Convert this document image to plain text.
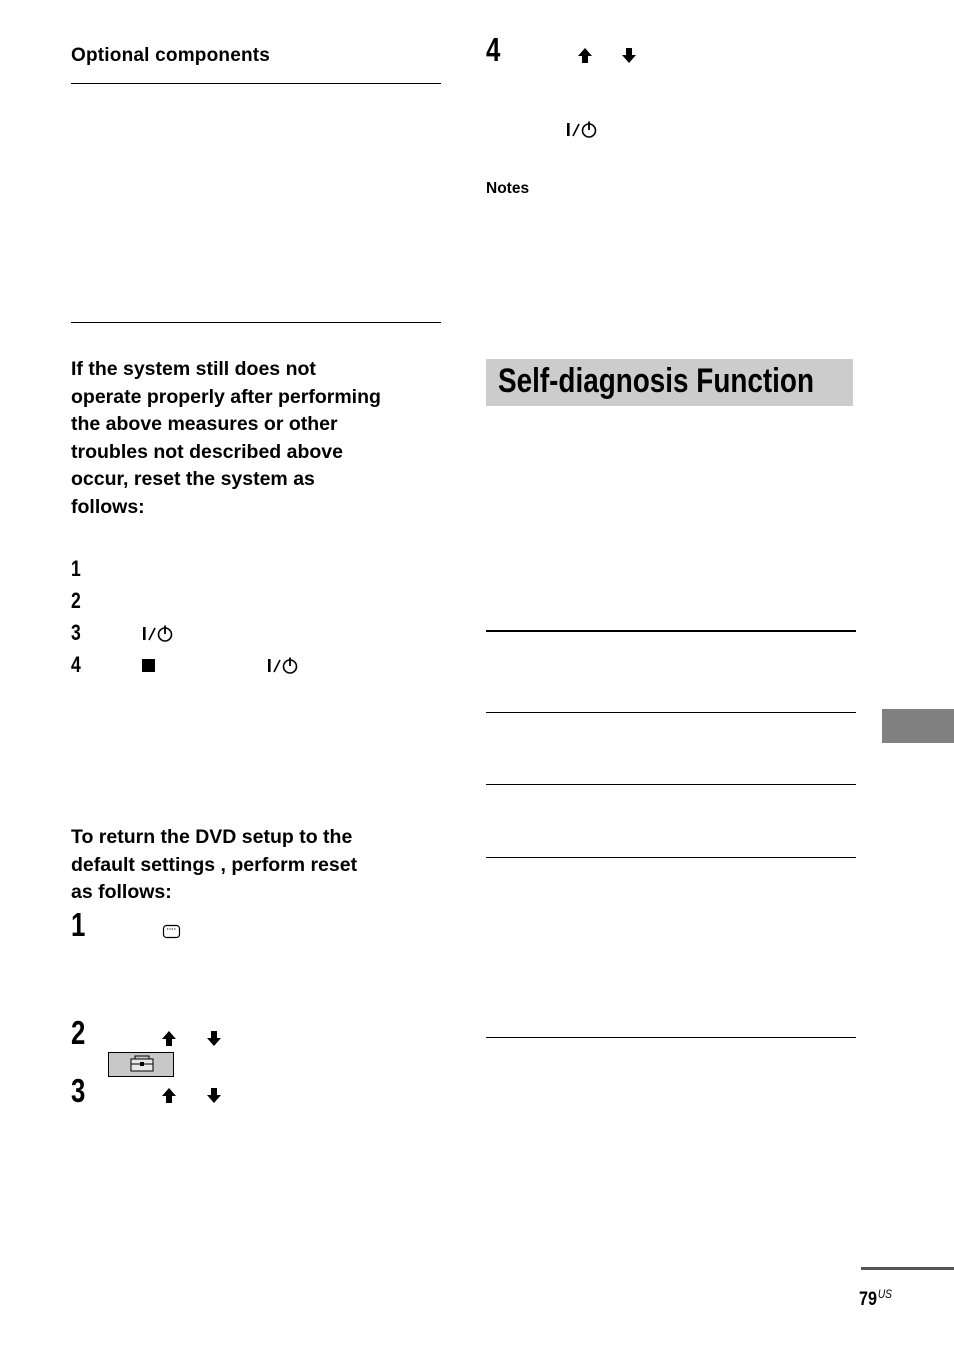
Optional components
If the system still does not
operate properly after performing
the above measures or other
troubles not described above
occur, reset the system as
follows:
1
2
3
4
To return the DVD setup to the
default settings , perform reset
as follows:
1
2
3
4
Notes
Self-diagnosis Function
$79^{US}$
